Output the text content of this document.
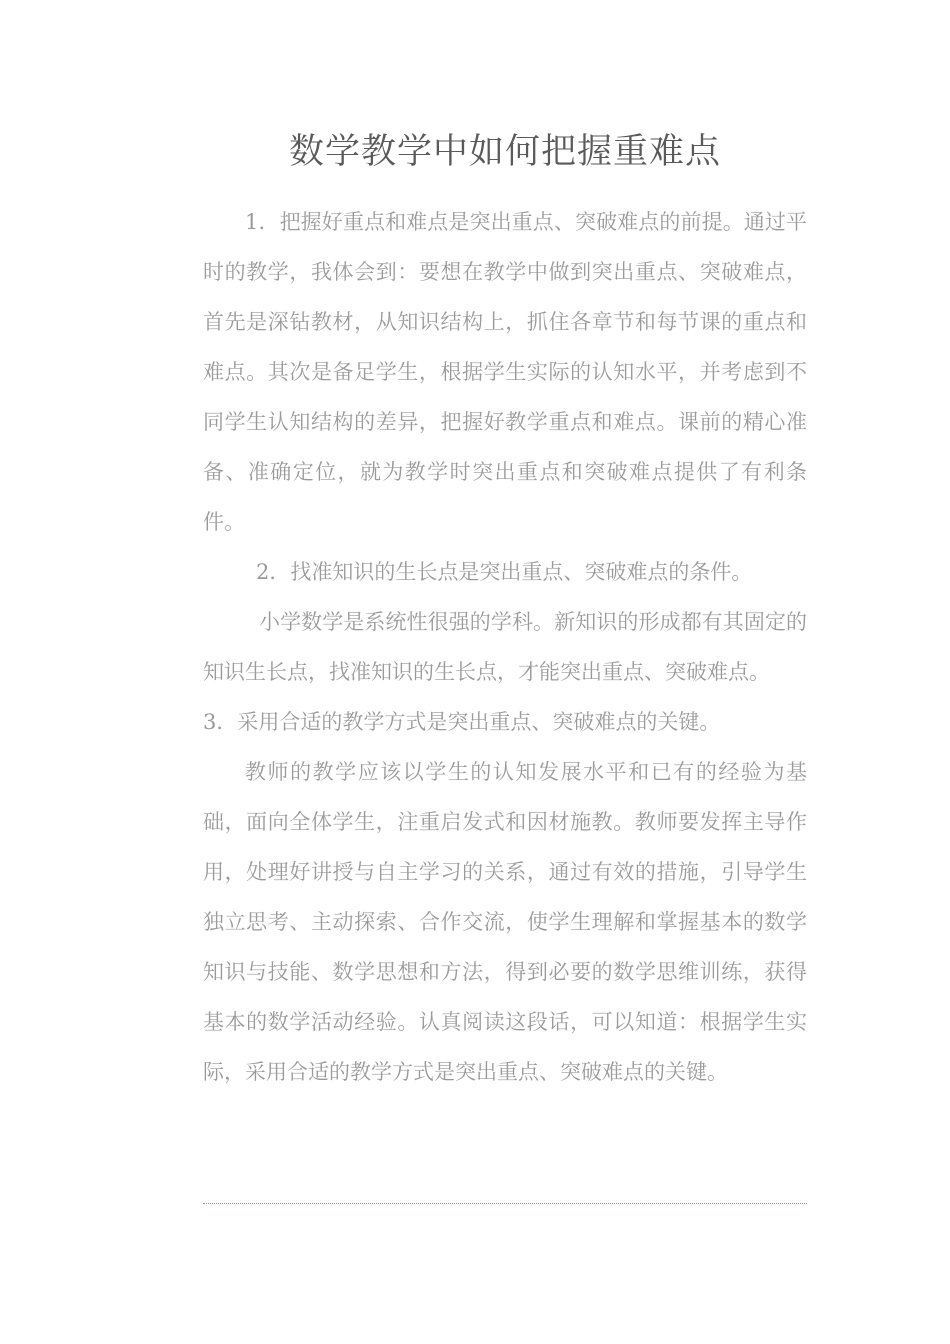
数学教学中如何把握重难点

1．把握好重点和难点是突出重点、突破难点的前提。通过平时的教学，我体会到：要想在教学中做到突出重点、突破难点，首先是深钻教材，从知识结构上，抓住各章节和每节课的重点和难点。其次是备足学生，根据学生实际的认知水平，并考虑到不同学生认知结构的差异，把握好教学重点和难点。课前的精心准备、准确定位，就为教学时突出重点和突破难点提供了有利条件。

2．找准知识的生长点是突出重点、突破难点的条件。

小学数学是系统性很强的学科。新知识的形成都有其固定的知识生长点，找准知识的生长点，才能突出重点、突破难点。

3．采用合适的教学方式是突出重点、突破难点的关键。

教师的教学应该以学生的认知发展水平和已有的经验为基础，面向全体学生，注重启发式和因材施教。教师要发挥主导作用，处理好讲授与自主学习的关系，通过有效的措施，引导学生独立思考、主动探索、合作交流，使学生理解和掌握基本的数学知识与技能、数学思想和方法，得到必要的数学思维训练，获得基本的数学活动经验。认真阅读这段话，可以知道：根据学生实际，采用合适的教学方式是突出重点、突破难点的关键。
